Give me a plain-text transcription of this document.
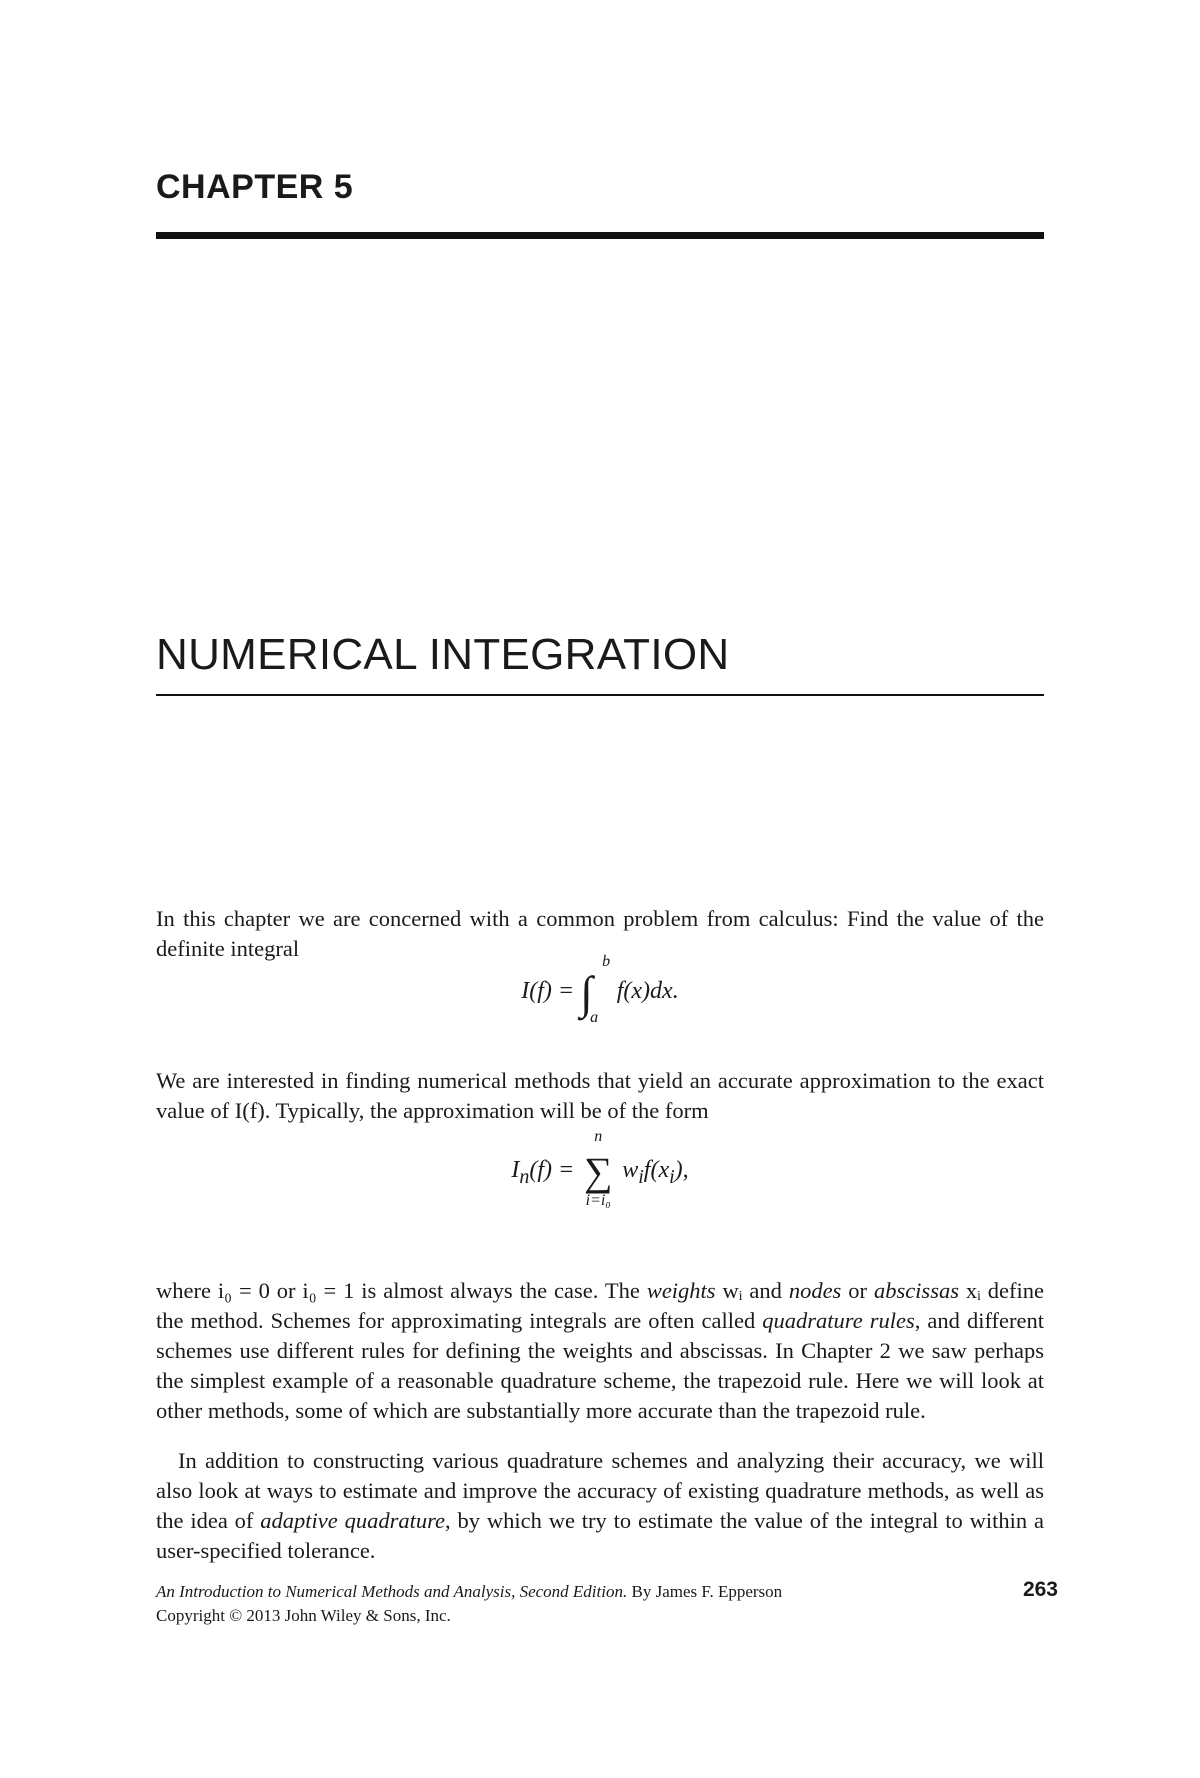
CHAPTER 5
NUMERICAL INTEGRATION

In this chapter we are concerned with a common problem from calculus: Find the value of the definite integral

I(f) = ∫
b
a
f(x)dx.

We are interested in finding numerical methods that yield an accurate approximation to the exact value of I(f). Typically, the approximation will be of the form

$I_n(f)$ =
n
∑
i=i₀
$w_if(x_i)$,

where i₀ = 0 or i₀ = 1 is almost always the case. The weights wᵢ and nodes or abscissas xᵢ define the method. Schemes for approximating integrals are often called quadrature rules, and different schemes use different rules for defining the weights and abscissas. In Chapter 2 we saw perhaps the simplest example of a reasonable quadrature scheme, the trapezoid rule. Here we will look at other methods, some of which are substantially more accurate than the trapezoid rule.

In addition to constructing various quadrature schemes and analyzing their accuracy, we will also look at ways to estimate and improve the accuracy of existing quadrature methods, as well as the idea of adaptive quadrature, by which we try to estimate the value of the integral to within a user-specified tolerance.

An Introduction to Numerical Methods and Analysis, Second Edition. By James F. Epperson
Copyright © 2013 John Wiley & Sons, Inc.
263
